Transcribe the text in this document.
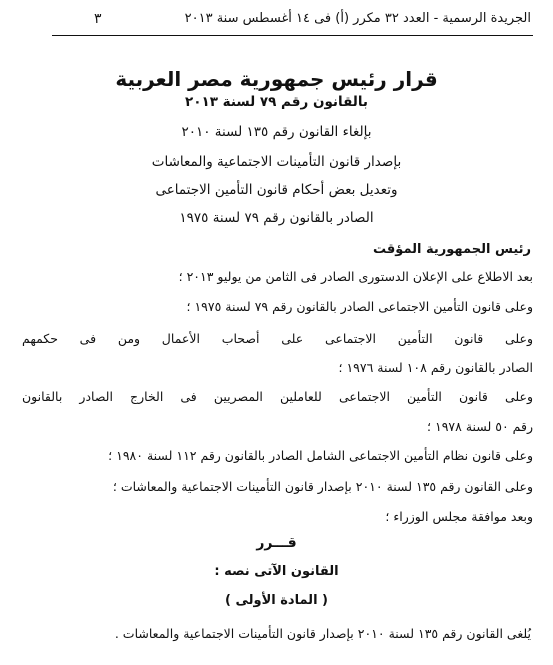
٣	الجريدة الرسمية - العدد ٣٢ مكرر (أ) فى ١٤ أغسطس سنة ٢٠١٣
قرار رئيس جمهورية مصر العربية
بالقانون رقم ٧٩ لسنة ٢٠١٣
بإلغاء القانون رقم ١٣٥ لسنة ٢٠١٠
بإصدار قانون التأمينات الاجتماعية والمعاشات
وتعديل بعض أحكام قانون التأمين الاجتماعى
الصادر بالقانون رقم ٧٩ لسنة ١٩٧٥
رئيس الجمهورية المؤقت
بعد الاطلاع على الإعلان الدستورى الصادر فى الثامن من يوليو ٢٠١٣ ؛
وعلى قانون التأمين الاجتماعى الصادر بالقانون رقم ٧٩ لسنة ١٩٧٥ ؛
وعلى قانون التأمين الاجتماعى على أصحاب الأعمال ومن فى حكمهم
الصادر بالقانون رقم ١٠٨ لسنة ١٩٧٦ ؛
وعلى قانون التأمين الاجتماعى للعاملين المصريين فى الخارج الصادر بالقانون
رقم ٥٠ لسنة ١٩٧٨ ؛
وعلى قانون نظام التأمين الاجتماعى الشامل الصادر بالقانون رقم ١١٢ لسنة ١٩٨٠ ؛
وعلى القانون رقم ١٣٥ لسنة ٢٠١٠ بإصدار قانون التأمينات الاجتماعية والمعاشات ؛
وبعد موافقة مجلس الوزراء ؛
قـــرر
القانون الآتى نصه :
( المادة الأولى )
يُلغى القانون رقم ١٣٥ لسنة ٢٠١٠ بإصدار قانون التأمينات الاجتماعية والمعاشات .
